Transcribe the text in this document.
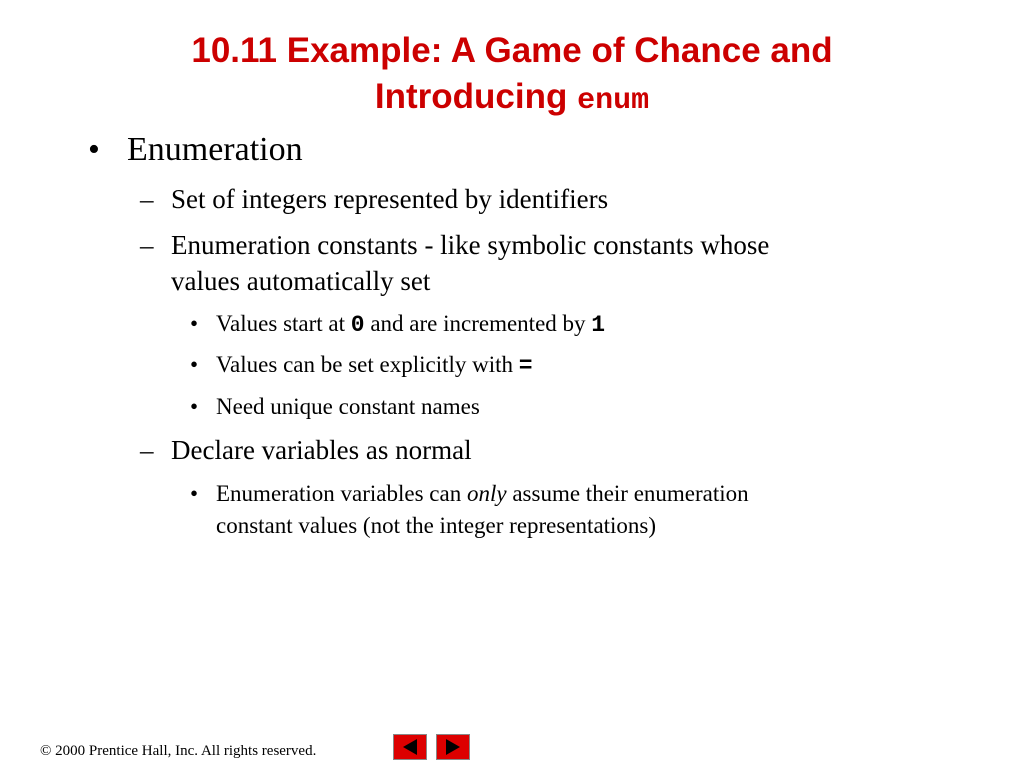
10.11 Example: A Game of Chance and
Introducing enum
• Enumeration
– Set of integers represented by identifiers
– Enumeration constants - like symbolic constants whose
values automatically set
• Values start at 0 and are incremented by 1
• Values can be set explicitly with =
• Need unique constant names
– Declare variables as normal
• Enumeration variables can only assume their enumeration
constant values (not the integer representations)
© 2000 Prentice Hall, Inc. All rights reserved.
